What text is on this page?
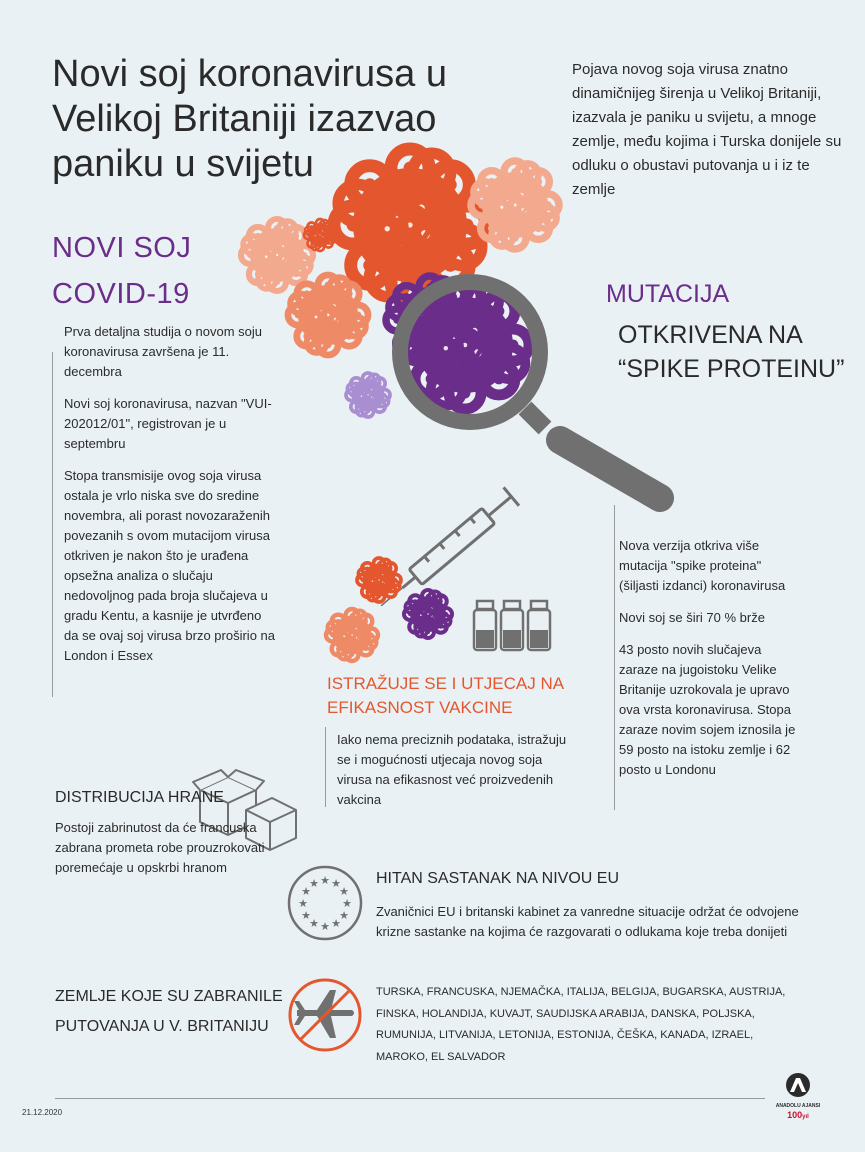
Novi soj koronavirusa u Velikoj Britaniji izazvao paniku u svijetu
Pojava novog soja virusa znatno dinamičnijeg širenja u Velikoj Britaniji, izazvala je paniku u svijetu, a mnoge zemlje, među kojima i Turska donijele su odluku o obustavi putovanja u i iz te zemlje
NOVI SOJ
COVID-19

Prva detaljna studija o novom soju koronavirusa završena je 11. decembra

Novi soj koronavirusa, nazvan "VUI-202012/01", registrovan je u septembru

Stopa transmisije ovog soja virusa ostala je vrlo niska sve do sredine novembra, ali porast novozaraženih povezanih s ovom mutacijom virusa otkriven je nakon što je urađena opsežna analiza o slučaju nedovoljnog pada broja slučajeva u gradu Kentu, a kasnije je utvrđeno da se ovaj soj virusa brzo proširio na London i Essex

MUTACIJA
OTKRIVENA NA
“SPIKE PROTEINU”

Nova verzija otkriva više mutacija "spike proteina" (šiljasti izdanci) koronavirusa

Novi soj se širi 70 % brže

43 posto novih slučajeva zaraze na jugoistoku Velike Britanije uzrokovala je upravo ova vrsta koronavirusa. Stopa zaraze novim sojem iznosila je 59 posto na istoku zemlje i 62 posto u Londonu

ISTRAŽUJE SE I UTJECAJ NA EFIKASNOST VAKCINE
Iako nema preciznih podataka, istražuju se i mogućnosti utjecaja novog soja virusa na efikasnost već proizvedenih vakcina
DISTRIBUCIJA HRANE
Postoji zabrinutost da će francuska zabrana prometa robe prouzrokovati poremećaje u opskrbi hranom
★ ★
★
★
★
★
★
★
★
★
★
★	HITAN SASTANAK NA NIVOU EU
Zvaničnici EU i britanski kabinet za vanredne situacije održat će odvojene krizne sastanke na kojima će razgovarati o odlukama koje treba donijeti
ZEMLJE KOJE SU ZABRANILE
PUTOVANJA U V. BRITANIJU
TURSKA, FRANCUSKA, NJEMAČKA, ITALIJA, BELGIJA, BUGARSKA, AUSTRIJA, FINSKA, HOLANDIJA, KUVAJT, SAUDIJSKA ARABIJA, DANSKA, POLJSKA, RUMUNIJA, LITVANIJA, LETONIJA, ESTONIJA, ČEŠKA, KANADA, IZRAEL, MAROKO, EL SALVADOR
21.12.2020
ANADOLU AJANSI
100yıl
